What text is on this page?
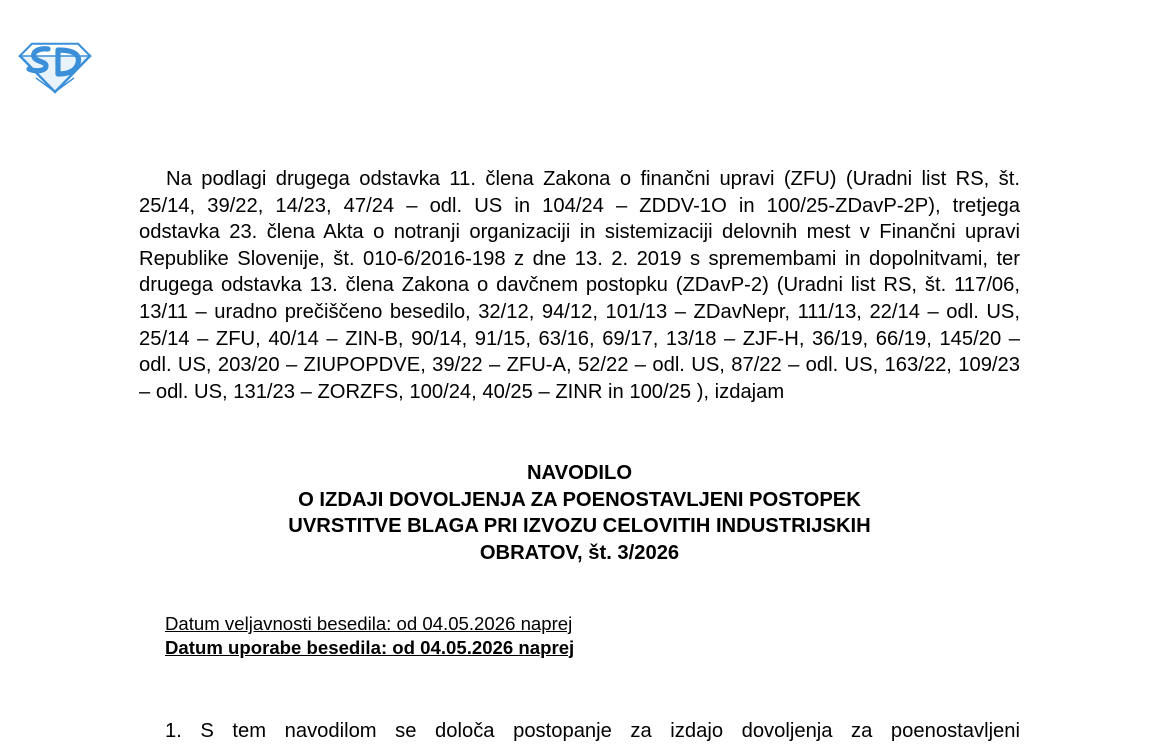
Na podlagi drugega odstavka 11. člena Zakona o finančni upravi (ZFU) (Uradni list RS, št. 25/14, 39/22, 14/23, 47/24 – odl. US in 104/24 – ZDDV-1O in 100/25-ZDavP-2P), tretjega odstavka 23. člena Akta o notranji organizaciji in sistemizaciji delovnih mest v Finančni upravi Republike Slovenije, št. 010-6/2016-198 z dne 13. 2. 2019 s spremembami in dopolnitvami, ter drugega odstavka 13. člena Zakona o davčnem postopku (ZDavP-2) (Uradni list RS, št. 117/06, 13/11 – uradno prečiščeno besedilo, 32/12, 94/12, 101/13 – ZDavNepr, 111/13, 22/14 – odl. US, 25/14 – ZFU, 40/14 – ZIN-B, 90/14, 91/15, 63/16, 69/17, 13/18 – ZJF-H, 36/19, 66/19, 145/20 – odl. US, 203/20 – ZIUPOPDVE, 39/22 – ZFU-A, 52/22 – odl. US, 87/22 – odl. US, 163/22, 109/23 – odl. US, 131/23 – ZORZFS, 100/24, 40/25 – ZINR in 100/25 ), izdajam

NAVODILO
O IZDAJI DOVOLJENJA ZA POENOSTAVLJENI POSTOPEK
UVRSTITVE BLAGA PRI IZVOZU CELOVITIH INDUSTRIJSKIH
OBRATOV, št. 3/2026
Datum veljavnosti besedila: od 04.05.2026 naprej
Datum uporabe besedila: od 04.05.2026 naprej

1. S tem navodilom se določa postopanje za izdajo dovoljenja za poenostavljeni
